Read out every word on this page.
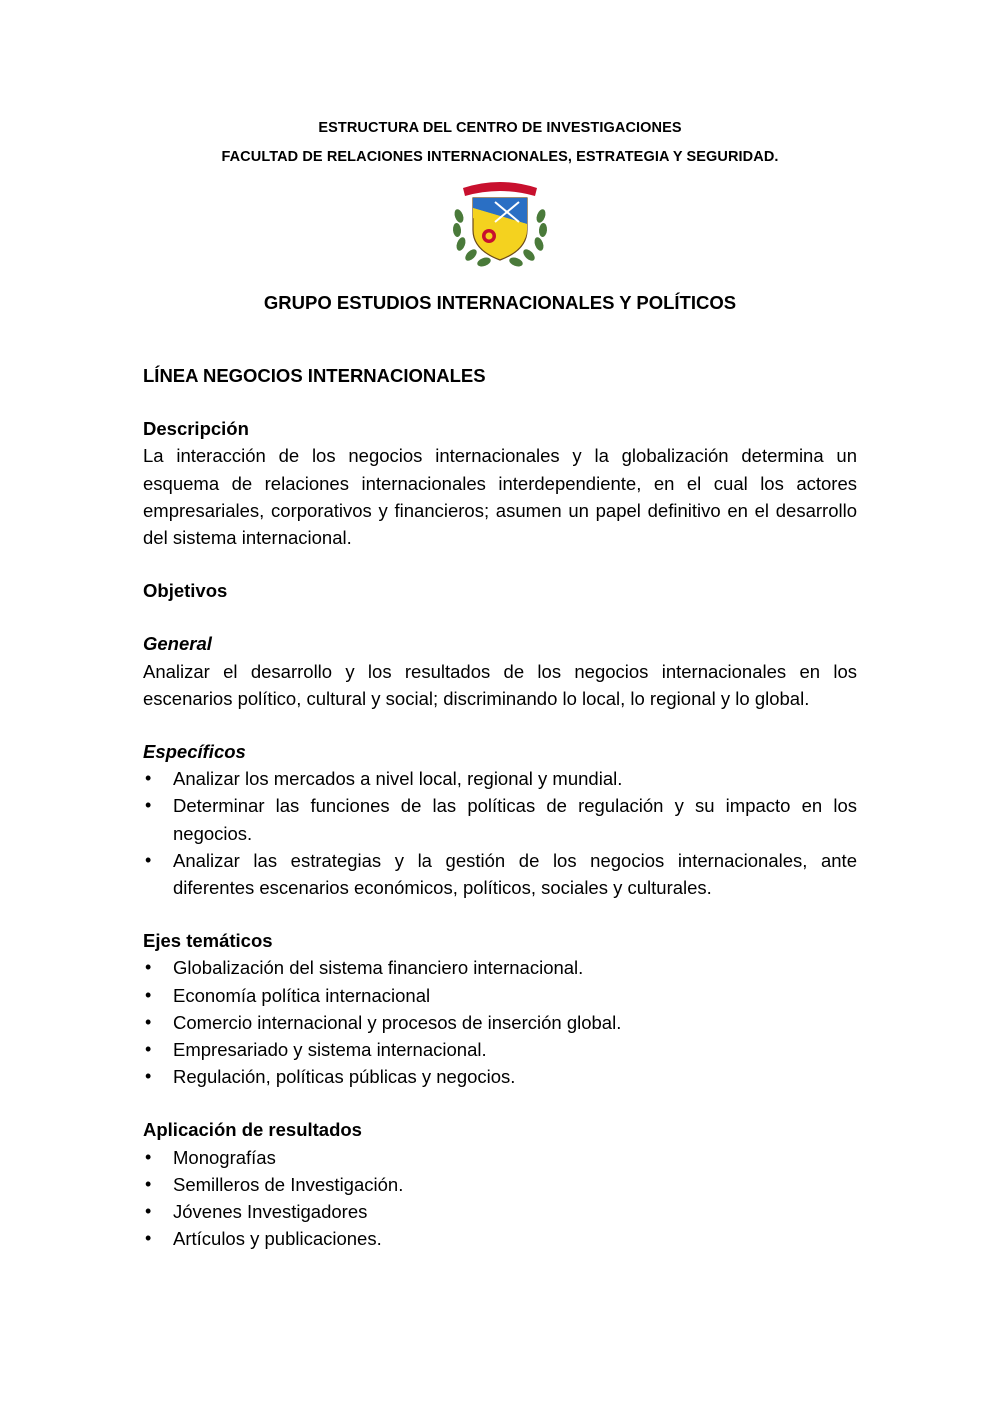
ESTRUCTURA DEL CENTRO DE INVESTIGACIONES
FACULTAD DE RELACIONES INTERNACIONALES, ESTRATEGIA Y SEGURIDAD.
GRUPO ESTUDIOS INTERNACIONALES Y POLÍTICOS
LÍNEA NEGOCIOS INTERNACIONALES
Descripción

La interacción de los negocios internacionales y la globalización determina un esquema de relaciones internacionales interdependiente, en el cual los actores empresariales, corporativos y financieros; asumen un papel definitivo en el desarrollo del sistema internacional.

Objetivos
General

Analizar el desarrollo y los resultados de los negocios internacionales en los escenarios político, cultural y social; discriminando lo local, lo regional y lo global.

Específicos
• Analizar los mercados a nivel local, regional y mundial.
• Determinar las funciones de las políticas de regulación y su impacto en los negocios.
• Analizar las estrategias y la gestión de los negocios internacionales, ante diferentes escenarios económicos, políticos, sociales y culturales.
Ejes temáticos
• Globalización del sistema financiero internacional.
• Economía política internacional
• Comercio internacional y procesos de inserción global.
• Empresariado y sistema internacional.
• Regulación, políticas públicas y negocios.
Aplicación de resultados
• Monografías
• Semilleros de Investigación.
• Jóvenes Investigadores
• Artículos y publicaciones.
